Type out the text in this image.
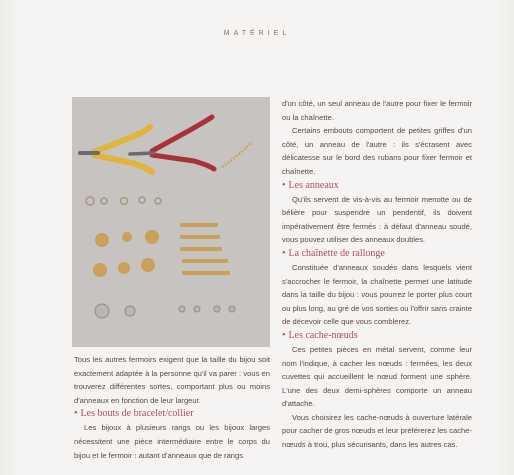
MATÉRIEL

Tous les autres fermoirs exigent que la taille du bijou soit exactement adaptée à la personne qu'il va parer : vous en trouverez différentes sortes, comportant plus ou moins d'anneaux en fonction de leur largeur.

• Les bouts de bracelet/collier

Les bijoux à plusieurs rangs ou les bijoux larges nécessitent une pièce intermédiaire entre le corps du bijou et le fermoir : autant d'anneaux que de rangs

d'un côté, un seul anneau de l'autre pour fixer le fermoir ou la chaînette.

Certains embouts comportent de petites griffes d'un côté, un anneau de l'autre : ils s'écrasent avec délicatesse sur le bord des rubans pour fixer fermoir et chaînette.

• Les anneaux

Qu'ils servent de vis-à-vis au fermoir menotte ou de bélière pour suspendre un pendentif, ils doivent impérativement être fermés : à défaut d'anneau soudé, vous pouvez utiliser des anneaux doubles.

• La chaînette de rallonge

Constituée d'anneaux soudés dans lesquels vient s'accrocher le fermoir, la chaînette permet une latitude dans la taille du bijou : vous pourrez le porter plus court ou plus long, au gré de vos sorties ou l'offrir sans crainte de décevoir celle que vous comblerez.

• Les cache-nœuds

Ces petites pièces en métal servent, comme leur nom l'indique, à cacher les nœuds : fermées, les deux cuvettes qui accueillent le nœud forment une sphère. L'une des deux demi-sphères comporte un anneau d'attache.

Vous choisirez les cache-nœuds à ouverture latérale pour cacher de gros nœuds et leur préférerez les cache-nœuds à trou, plus sécurisants, dans les autres cas.
